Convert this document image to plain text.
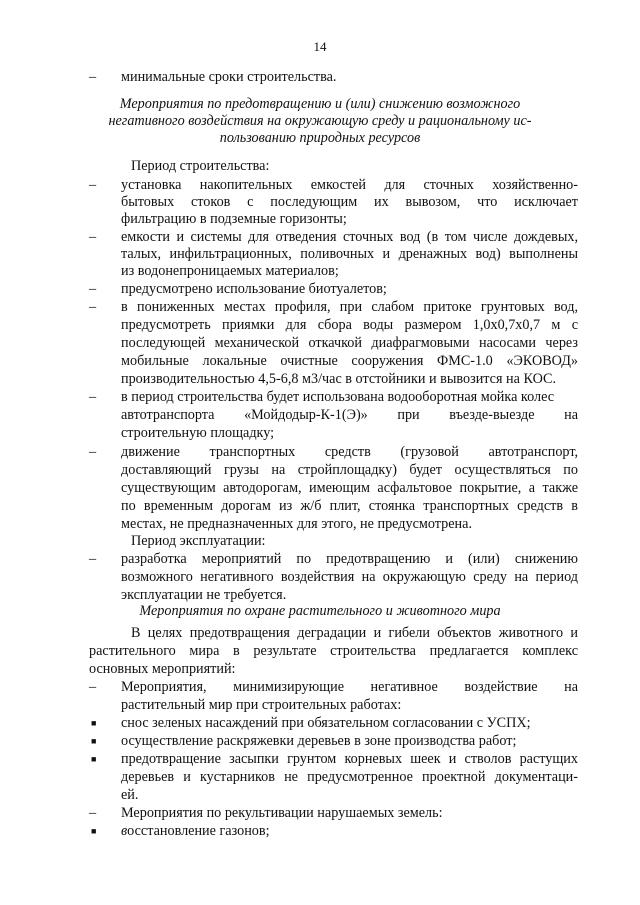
14
– минимальные сроки строительства.
Мероприятия по предотвращению и (или) снижению возможного
негативного воздействия на окружающую среду и рациональному ис-
пользованию природных ресурсов
Период строительства:
– установка накопительных емкостей для сточных хозяйственно-
бытовых стоков с последующим их вывозом, что исключает
фильтрацию в подземные горизонты;
– емкости и системы для отведения сточных вод (в том числе дождевых,
талых, инфильтрационных, поливочных и дренажных вод) выполнены
из водонепроницаемых материалов;
– предусмотрено использование биотуалетов;
– в пониженных местах профиля, при слабом притоке грунтовых вод,
предусмотреть приямки для сбора воды размером 1,0х0,7х0,7 м с
последующей механической откачкой диафрагмовыми насосами через
мобильные локальные очистные сооружения ФМС-1.0 «ЭКОВОД»
производительностью 4,5-6,8 м3/час в отстойники и вывозится на КОС.
– в период строительства будет использована водооборотная мойка колес
автотранспорта «Мойдодыр-К-1(Э)» при въезде-выезде на
строительную площадку;
– движение транспортных средств (грузовой автотранспорт,
доставляющий грузы на стройплощадку) будет осуществляться по
существующим автодорогам, имеющим асфальтовое покрытие, а также
по временным дорогам из ж/б плит, стоянка транспортных средств в
местах, не предназначенных для этого, не предусмотрена.
Период эксплуатации:
– разработка мероприятий по предотвращению и (или) снижению
возможного негативного воздействия на окружающую среду на период
эксплуатации не требуется.
Мероприятия по охране растительного и животного мира
В целях предотвращения деградации и гибели объектов животного и
растительного мира в результате строительства предлагается комплекс
основных мероприятий:
– Мероприятия, минимизирующие негативное воздействие на
растительный мир при строительных работах:
■ снос зеленых насаждений при обязательном согласовании с УСПХ;
■ осуществление раскряжевки деревьев в зоне производства работ;
■ предотвращение засыпки грунтом корневых шеек и стволов растущих
деревьев и кустарников не предусмотренное проектной документаци-
ей.
– Мероприятия по рекультивации нарушаемых земель:
■ восстановление газонов;
